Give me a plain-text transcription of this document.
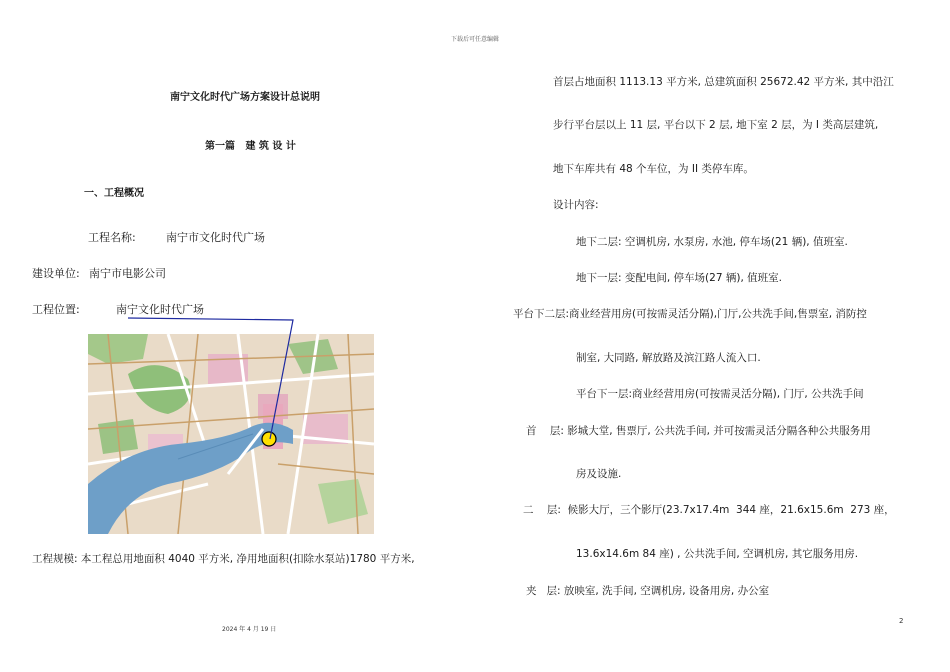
下载后可任意编辑
南宁文化时代广场方案设计总说明
第一篇   建 筑 设 计
一、工程概况
工程名称:	南宁市文化时代广场
建设单位: 南宁市电影公司
工程位置:	南宁文化时代广场
工程规模: 本工程总用地面积 4040 平方米, 净用地面积(扣除水泵站)1780 平方米,
首层占地面积 1113.13 平方米, 总建筑面积 25672.42 平方米, 其中沿江
步行平台层以上 11 层, 平台以下 2 层, 地下室 2 层，为 I 类高层建筑,
地下车库共有 48 个车位，为 II 类停车库。
设计内容:
地下二层: 空调机房, 水泵房, 水池, 停车场(21 辆), 值班室.
地下一层: 变配电间, 停车场(27 辆), 值班室.
平台下二层:商业经营用房(可按需灵活分隔),门厅,公共洗手间,售票室, 消防控
制室, 大同路, 解放路及滨江路人流入口.
平台下一层:商业经营用房(可按需灵活分隔), 门厅, 公共洗手间
首    层: 影城大堂, 售票厅, 公共洗手间, 并可按需灵活分隔各种公共服务用
房及设施.
二    层:  候影大厅，三个影厅(23.7x17.4m  344 座，21.6x15.6m  273 座，
13.6x14.6m 84 座) , 公共洗手间, 空调机房, 其它服务用房.
夹   层: 放映室, 洗手间, 空调机房, 设备用房, 办公室
2024 年 4 月 19 日
2
